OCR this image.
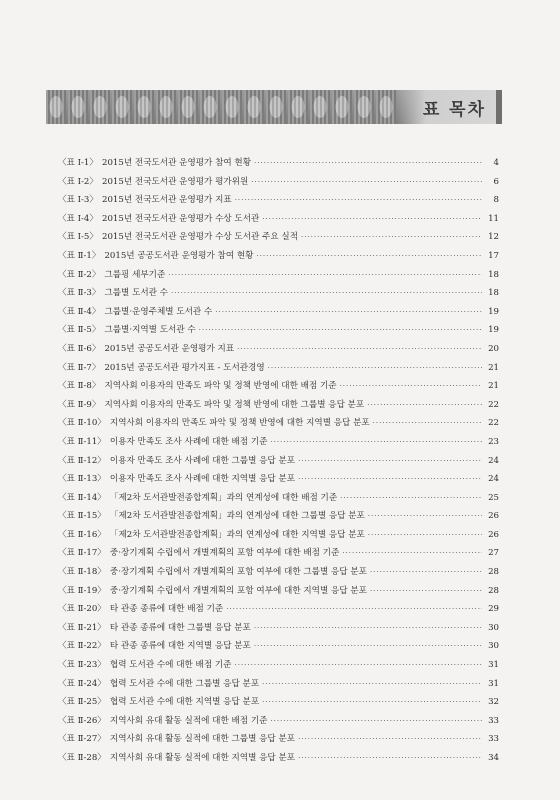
표 목차
〈표 Ⅰ-1〉 2015년 전국도서관 운영평가 참여 현황 ·····	4
〈표 Ⅰ-2〉 2015년 전국도서관 운영평가 평가위원 ·····	6
〈표 Ⅰ-3〉 2015년 전국도서관 운영평가 지표 ·····	8
〈표 Ⅰ-4〉 2015년 전국도서관 운영평가 수상 도서관 ·····	11
〈표 Ⅰ-5〉 2015년 전국도서관 운영평가 수상 도서관 주요 실적 ·····	12
〈표 Ⅱ-1〉 2015년 공공도서관 운영평가 참여 현황 ·····	17
〈표 Ⅱ-2〉 그룹핑 세부기준 ·····	18
〈표 Ⅱ-3〉 그룹별 도서관 수 ·····	18
〈표 Ⅱ-4〉 그룹별·운영주체별 도서관 수 ·····	19
〈표 Ⅱ-5〉 그룹별·지역별 도서관 수 ·····	19
〈표 Ⅱ-6〉 2015년 공공도서관 운영평가 지표 ·····	20
〈표 Ⅱ-7〉 2015년 공공도서관 평가지표 - 도서관경영 ·····	21
〈표 Ⅱ-8〉 지역사회 이용자의 만족도 파악 및 정책 반영에 대한 배점 기준 ·····	21
〈표 Ⅱ-9〉 지역사회 이용자의 만족도 파악 및 정책 반영에 대한 그룹별 응답 분포 ·····	22
〈표 Ⅱ-10〉 지역사회 이용자의 만족도 파악 및 정책 반영에 대한 지역별 응답 분포 ·····	22
〈표 Ⅱ-11〉 이용자 만족도 조사 사례에 대한 배점 기준 ·····	23
〈표 Ⅱ-12〉 이용자 만족도 조사 사례에 대한 그룹별 응답 분포 ·····	24
〈표 Ⅱ-13〉 이용자 만족도 조사 사례에 대한 지역별 응답 분포 ·····	24
〈표 Ⅱ-14〉 「제2차 도서관발전종합계획」과의 연계성에 대한 배점 기준 ·····	25
〈표 Ⅱ-15〉 「제2차 도서관발전종합계획」과의 연계성에 대한 그룹별 응답 분포 ·····	26
〈표 Ⅱ-16〉 「제2차 도서관발전종합계획」과의 연계성에 대한 지역별 응답 분포 ·····	26
〈표 Ⅱ-17〉 중·장기계획 수립에서 개별계획의 포함 여부에 대한 배점 기준 ·····	27
〈표 Ⅱ-18〉 중·장기계획 수립에서 개별계획의 포함 여부에 대한 그룹별 응답 분포 ·····	28
〈표 Ⅱ-19〉 중·장기계획 수립에서 개별계획의 포함 여부에 대한 지역별 응답 분포 ·····	28
〈표 Ⅱ-20〉 타 관종 종류에 대한 배점 기준 ·····	29
〈표 Ⅱ-21〉 타 관종 종류에 대한 그룹별 응답 분포 ·····	30
〈표 Ⅱ-22〉 타 관종 종류에 대한 지역별 응답 분포 ·····	30
〈표 Ⅱ-23〉 협력 도서관 수에 대한 배점 기준 ·····	31
〈표 Ⅱ-24〉 협력 도서관 수에 대한 그룹별 응답 분포 ·····	31
〈표 Ⅱ-25〉 협력 도서관 수에 대한 지역별 응답 분포 ·····	32
〈표 Ⅱ-26〉 지역사회 유대 활동 실적에 대한 배점 기준 ·····	33
〈표 Ⅱ-27〉 지역사회 유대 활동 실적에 대한 그룹별 응답 분포 ·····	33
〈표 Ⅱ-28〉 지역사회 유대 활동 실적에 대한 지역별 응답 분포 ·····	34
